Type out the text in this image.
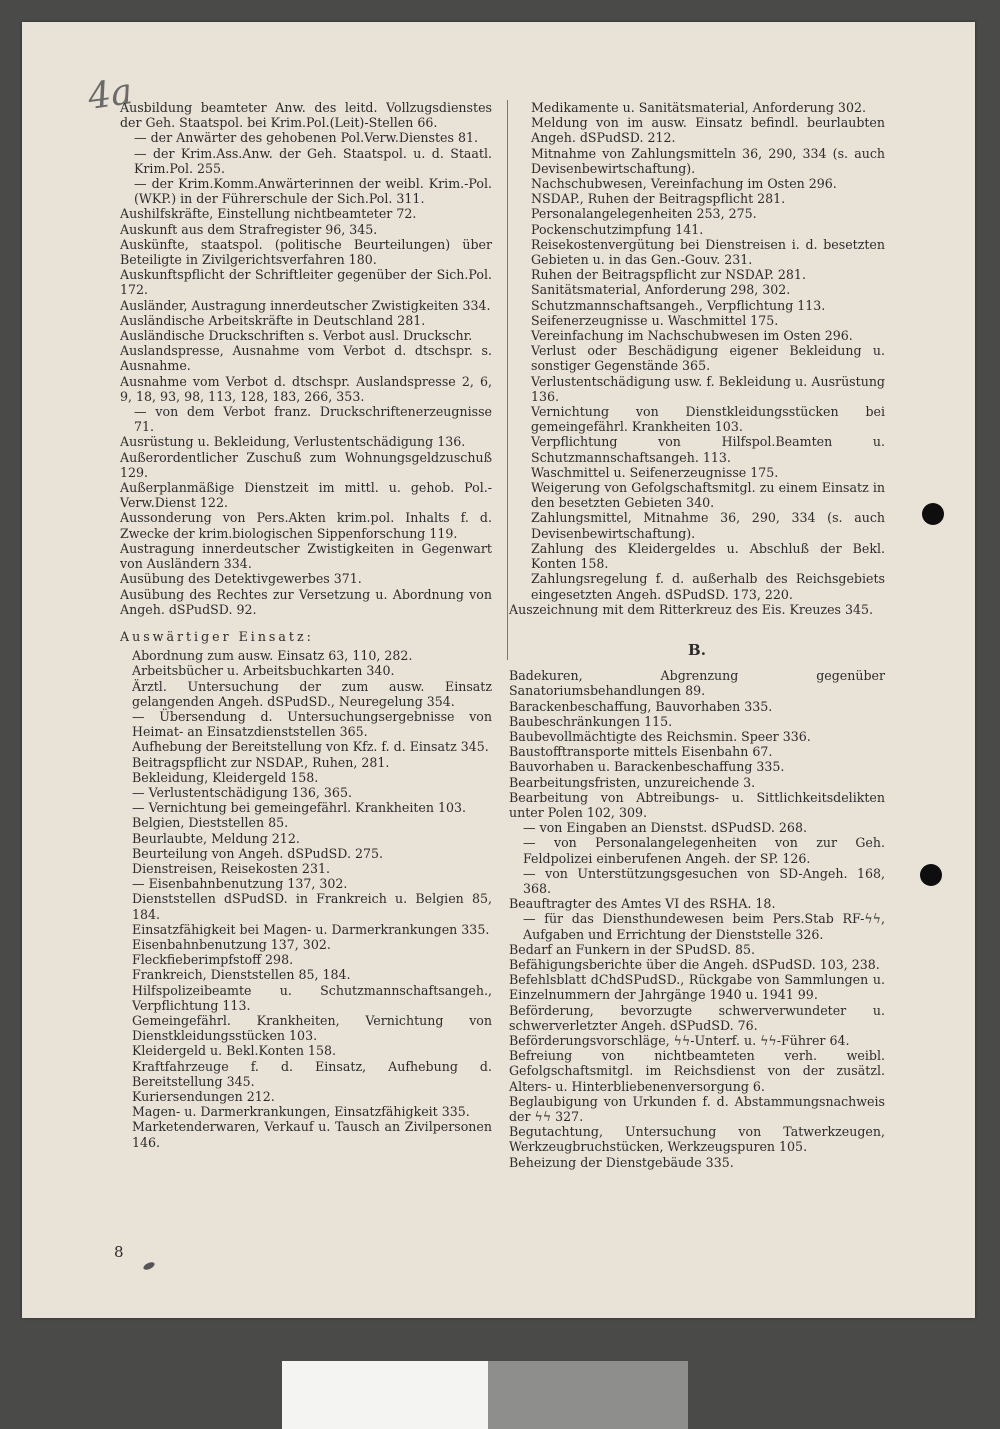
4a
Ausbildung beamteter Anw. des leitd. Vollzugsdienstes der Geh. Staatspol. bei Krim.Pol.(Leit)-Stellen 66.
— der Anwärter des gehobenen Pol.Verw.Dienstes 81.
— der Krim.Ass.Anw. der Geh. Staatspol. u. d. Staatl. Krim.Pol. 255.
— der Krim.Komm.Anwärterinnen der weibl. Krim.-Pol. (WKP.) in der Führerschule der Sich.Pol. 311.
Aushilfskräfte, Einstellung nichtbeamteter 72.
Auskunft aus dem Strafregister 96, 345.
Auskünfte, staatspol. (politische Beurteilungen) über Beteiligte in Zivilgerichtsverfahren 180.
Auskunftspflicht der Schriftleiter gegenüber der Sich.Pol. 172.
Ausländer, Austragung innerdeutscher Zwistigkeiten 334.
Ausländische Arbeitskräfte in Deutschland 281.
Ausländische Druckschriften s. Verbot ausl. Druckschr.
Auslandspresse, Ausnahme vom Verbot d. dtschspr. s. Ausnahme.
Ausnahme vom Verbot d. dtschspr. Auslandspresse 2, 6, 9, 18, 93, 98, 113, 128, 183, 266, 353.
— von dem Verbot franz. Druckschriftenerzeugnisse 71.
Ausrüstung u. Bekleidung, Verlustentschädigung 136.
Außerordentlicher Zuschuß zum Wohnungsgeldzuschuß 129.
Außerplanmäßige Dienstzeit im mittl. u. gehob. Pol.-Verw.Dienst 122.
Aussonderung von Pers.Akten krim.pol. Inhalts f. d. Zwecke der krim.biologischen Sippenforschung 119.
Austragung innerdeutscher Zwistigkeiten in Gegenwart von Ausländern 334.
Ausübung des Detektivgewerbes 371.
Ausübung des Rechtes zur Versetzung u. Abordnung von Angeh. dSPudSD. 92.
Auswärtiger Einsatz:
Abordnung zum ausw. Einsatz 63, 110, 282.
Arbeitsbücher u. Arbeitsbuchkarten 340.
Ärztl. Untersuchung der zum ausw. Einsatz gelangenden Angeh. dSPudSD., Neuregelung 354.
— Übersendung d. Untersuchungsergebnisse von Heimat- an Einsatzdienststellen 365.
Aufhebung der Bereitstellung von Kfz. f. d. Einsatz 345.
Beitragspflicht zur NSDAP., Ruhen, 281.
Bekleidung, Kleidergeld 158.
— Verlustentschädigung 136, 365.
— Vernichtung bei gemeingefährl. Krankheiten 103.
Belgien, Dieststellen 85.
Beurlaubte, Meldung 212.
Beurteilung von Angeh. dSPudSD. 275.
Dienstreisen, Reisekosten 231.
— Eisenbahnbenutzung 137, 302.
Dienststellen dSPudSD. in Frankreich u. Belgien 85, 184.
Einsatzfähigkeit bei Magen- u. Darmerkrankungen 335.
Eisenbahnbenutzung 137, 302.
Fleckfieberimpfstoff 298.
Frankreich, Dienststellen 85, 184.
Hilfspolizeibeamte u. Schutzmannschaftsangeh., Verpflichtung 113.
Gemeingefährl. Krankheiten, Vernichtung von Dienstkleidungsstücken 103.
Kleidergeld u. Bekl.Konten 158.
Kraftfahrzeuge f. d. Einsatz, Aufhebung d. Bereitstellung 345.
Kuriersendungen 212.
Magen- u. Darmerkrankungen, Einsatzfähigkeit 335.
Marketenderwaren, Verkauf u. Tausch an Zivilpersonen 146.
Medikamente u. Sanitätsmaterial, Anforderung 302.
Meldung von im ausw. Einsatz befindl. beurlaubten Angeh. dSPudSD. 212.
Mitnahme von Zahlungsmitteln 36, 290, 334 (s. auch Devisenbewirtschaftung).
Nachschubwesen, Vereinfachung im Osten 296.
NSDAP., Ruhen der Beitragspflicht 281.
Personalangelegenheiten 253, 275.
Pockenschutzimpfung 141.
Reisekostenvergütung bei Dienstreisen i. d. besetzten Gebieten u. in das Gen.-Gouv. 231.
Ruhen der Beitragspflicht zur NSDAP. 281.
Sanitätsmaterial, Anforderung 298, 302.
Schutzmannschaftsangeh., Verpflichtung 113.
Seifenerzeugnisse u. Waschmittel 175.
Vereinfachung im Nachschubwesen im Osten 296.
Verlust oder Beschädigung eigener Bekleidung u. sonstiger Gegenstände 365.
Verlustentschädigung usw. f. Bekleidung u. Ausrüstung 136.
Vernichtung von Dienstkleidungsstücken bei gemeingefährl. Krankheiten 103.
Verpflichtung von Hilfspol.Beamten u. Schutzmannschaftsangeh. 113.
Waschmittel u. Seifenerzeugnisse 175.
Weigerung von Gefolgschaftsmitgl. zu einem Einsatz in den besetzten Gebieten 340.
Zahlungsmittel, Mitnahme 36, 290, 334 (s. auch Devisenbewirtschaftung).
Zahlung des Kleidergeldes u. Abschluß der Bekl. Konten 158.
Zahlungsregelung f. d. außerhalb des Reichsgebiets eingesetzten Angeh. dSPudSD. 173, 220.
Auszeichnung mit dem Ritterkreuz des Eis. Kreuzes 345.
B.
Badekuren, Abgrenzung gegenüber Sanatoriumsbehandlungen 89.
Barackenbeschaffung, Bauvorhaben 335.
Baubeschränkungen 115.
Baubevollmächtigte des Reichsmin. Speer 336.
Baustofftransporte mittels Eisenbahn 67.
Bauvorhaben u. Barackenbeschaffung 335.
Bearbeitungsfristen, unzureichende 3.
Bearbeitung von Abtreibungs- u. Sittlichkeitsdelikten unter Polen 102, 309.
— von Eingaben an Dienstst. dSPudSD. 268.
— von Personalangelegenheiten von zur Geh. Feldpolizei einberufenen Angeh. der SP. 126.
— von Unterstützungsgesuchen von SD-Angeh. 168, 368.
Beauftragter des Amtes VI des RSHA. 18.
— für das Diensthundewesen beim Pers.Stab RF-ϟϟ, Aufgaben und Errichtung der Dienststelle 326.
Bedarf an Funkern in der SPudSD. 85.
Befähigungsberichte über die Angeh. dSPudSD. 103, 238.
Befehlsblatt dChdSPudSD., Rückgabe von Sammlungen u. Einzelnummern der Jahrgänge 1940 u. 1941 99.
Beförderung, bevorzugte schwerverwundeter u. schwerverletzter Angeh. dSPudSD. 76.
Beförderungsvorschläge, ϟϟ-Unterf. u. ϟϟ-Führer 64.
Befreiung von nichtbeamteten verh. weibl. Gefolgschaftsmitgl. im Reichsdienst von der zusätzl. Alters- u. Hinterbliebenenversorgung 6.
Beglaubigung von Urkunden f. d. Abstammungsnachweis der ϟϟ 327.
Begutachtung, Untersuchung von Tatwerkzeugen, Werkzeugbruchstücken, Werkzeugspuren 105.
Beheizung der Dienstgebäude 335.
8
